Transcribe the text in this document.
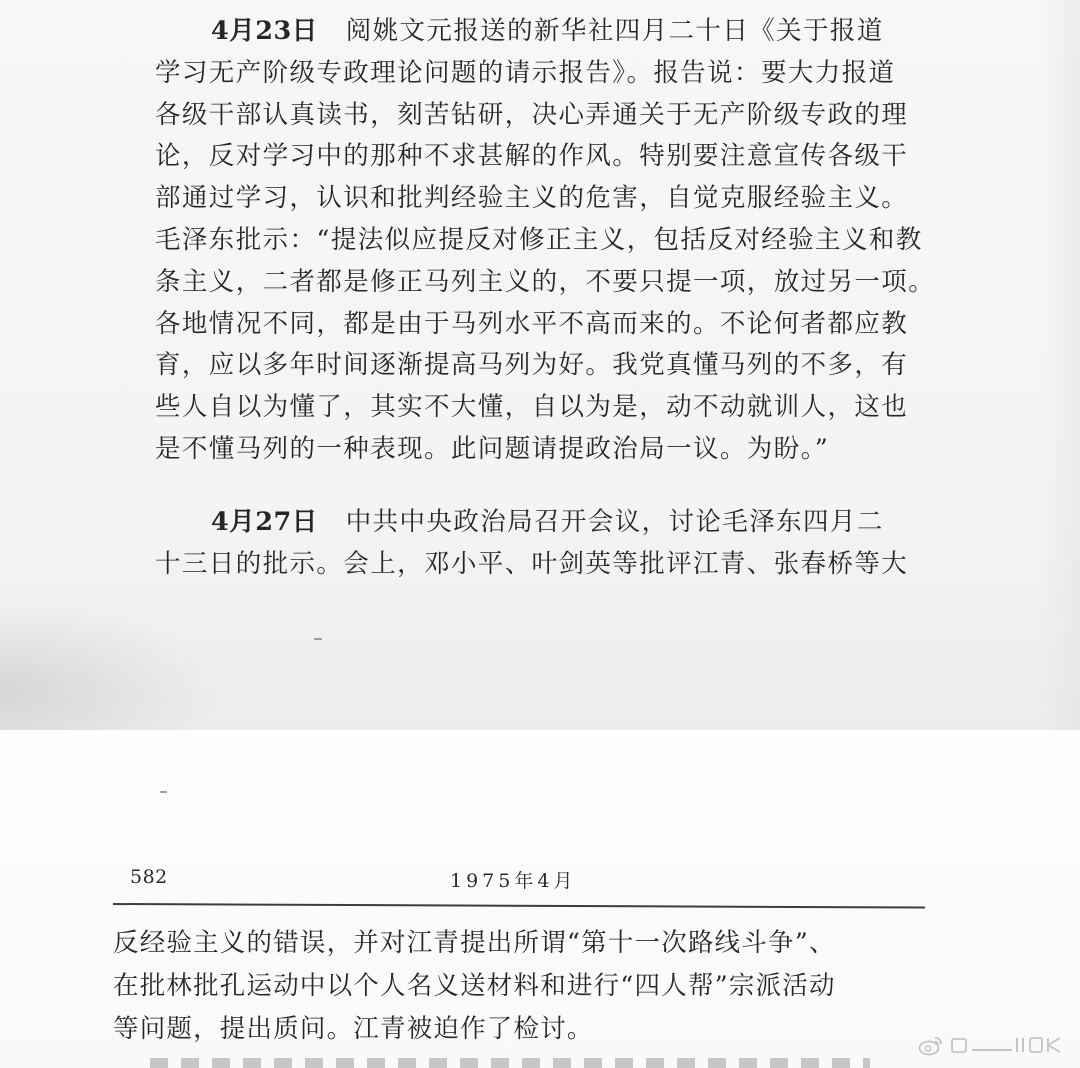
4月23日 阅姚文元报送的新华社四月二十日《关于报道
学习无产阶级专政理论问题的请示报告》。报告说：要大力报道
各级干部认真读书，刻苦钻研，决心弄通关于无产阶级专政的理
论，反对学习中的那种不求甚解的作风。特别要注意宣传各级干
部通过学习，认识和批判经验主义的危害，自觉克服经验主义。
毛泽东批示：“提法似应提反对修正主义，包括反对经验主义和教
条主义，二者都是修正马列主义的，不要只提一项，放过另一项。
各地情况不同，都是由于马列水平不高而来的。不论何者都应教
育，应以多年时间逐渐提高马列为好。我党真懂马列的不多，有
些人自以为懂了，其实不大懂，自以为是，动不动就训人，这也
是不懂马列的一种表现。此问题请提政治局一议。为盼。”
4月27日 中共中央政治局召开会议，讨论毛泽东四月二
十三日的批示。会上，邓小平、叶剑英等批评江青、张春桥等大
582	1975年4月
反经验主义的错误，并对江青提出所谓“第十一次路线斗争”、
在批林批孔运动中以个人名义送材料和进行“四人帮”宗派活动
等问题，提出质问。江青被迫作了检讨。
